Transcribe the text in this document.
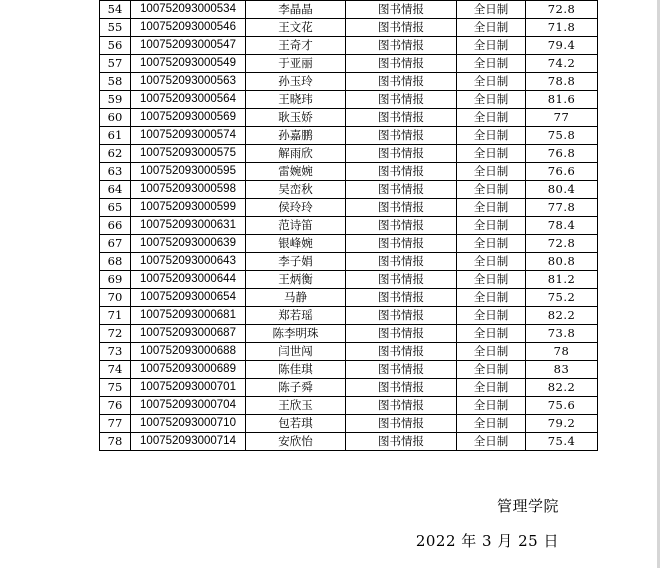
54	100752093000534	李晶晶	图书情报	全日制	72.8
55	100752093000546	王文花	图书情报	全日制	71.8
56	100752093000547	王奇才	图书情报	全日制	79.4
57	100752093000549	于亚丽	图书情报	全日制	74.2
58	100752093000563	孙玉玲	图书情报	全日制	78.8
59	100752093000564	王晓玮	图书情报	全日制	81.6
60	100752093000569	耿玉娇	图书情报	全日制	77
61	100752093000574	孙嘉鹏	图书情报	全日制	75.8
62	100752093000575	解雨欣	图书情报	全日制	76.8
63	100752093000595	雷婉婉	图书情报	全日制	76.6
64	100752093000598	吴峦秋	图书情报	全日制	80.4
65	100752093000599	侯玲玲	图书情报	全日制	77.8
66	100752093000631	范诗笛	图书情报	全日制	78.4
67	100752093000639	银峰婉	图书情报	全日制	72.8
68	100752093000643	李子娟	图书情报	全日制	80.8
69	100752093000644	王炳衡	图书情报	全日制	81.2
70	100752093000654	马静	图书情报	全日制	75.2
71	100752093000681	郑若瑶	图书情报	全日制	82.2
72	100752093000687	陈李明珠	图书情报	全日制	73.8
73	100752093000688	闫世闯	图书情报	全日制	78
74	100752093000689	陈佳琪	图书情报	全日制	83
75	100752093000701	陈子舜	图书情报	全日制	82.2
76	100752093000704	王欣玉	图书情报	全日制	75.6
77	100752093000710	包若琪	图书情报	全日制	79.2
78	100752093000714	安欣怡	图书情报	全日制	75.4
管理学院
2022 年 3 月 25 日
